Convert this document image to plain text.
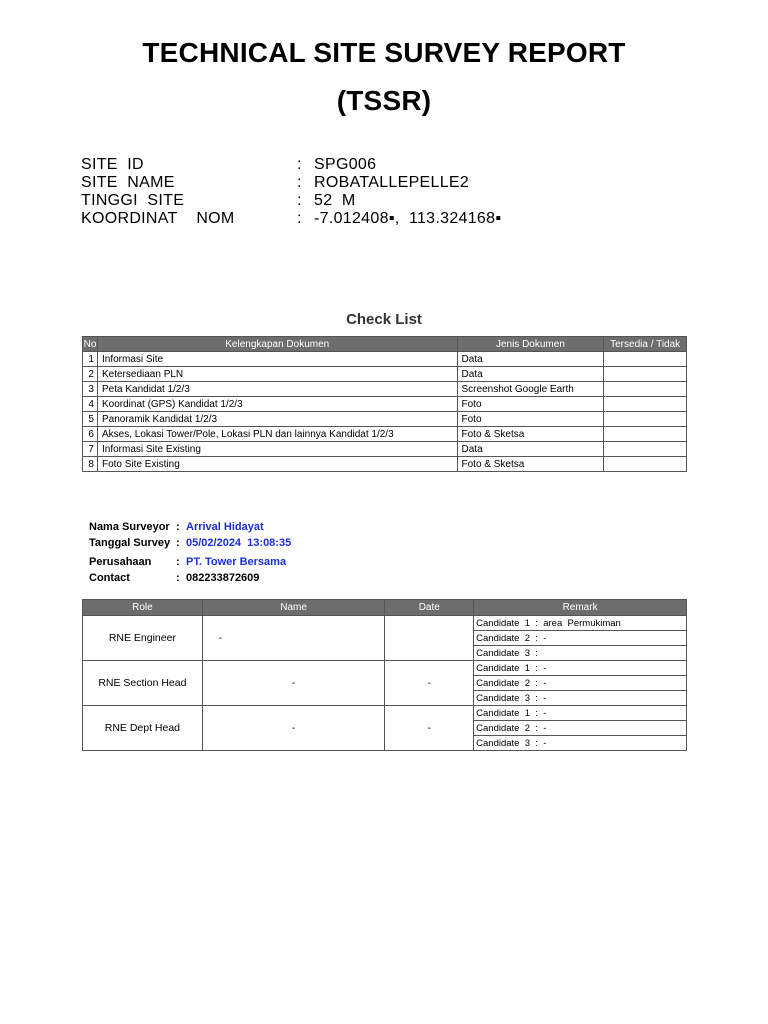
TECHNICAL SITE SURVEY REPORT
(TSSR)
SITE  ID	: SPG006
SITE  NAME	: ROBATALLEPELLE2
TINGGI  SITE	: 52  M
KOORDINAT    NOM	: -7.012408▪,  113.324168▪
Check List
No	Kelengkapan Dokumen	Jenis Dokumen	Tersedia / Tidak
1	Informasi Site	Data	
2	Ketersediaan PLN	Data	
3	Peta Kandidat 1/2/3	Screenshot Google Earth	
4	Koordinat (GPS) Kandidat 1/2/3	Foto	
5	Panoramik Kandidat 1/2/3	Foto	
6	Akses, Lokasi Tower/Pole, Lokasi PLN dan lainnya Kandidat 1/2/3	Foto & Sketsa	
7	Informasi Site Existing	Data	
8	Foto Site Existing	Foto & Sketsa	
Nama Surveyor : Arrival Hidayat
Tanggal Survey : 05/02/2024  13:08:35
Perusahaan	: PT. Tower Bersama
Contact	: 082233872609
Role	Name	Date	Remark
RNE Engineer	-		Candidate  1  :  area  Permukiman
			Candidate  2  :  -
			Candidate  3  :
RNE Section Head	-	-	Candidate  1  :  -
			Candidate  2  :  -
			Candidate  3  :  -
RNE Dept Head	-	-	Candidate  1  :  -
			Candidate  2  :  -
			Candidate  3  :  -
